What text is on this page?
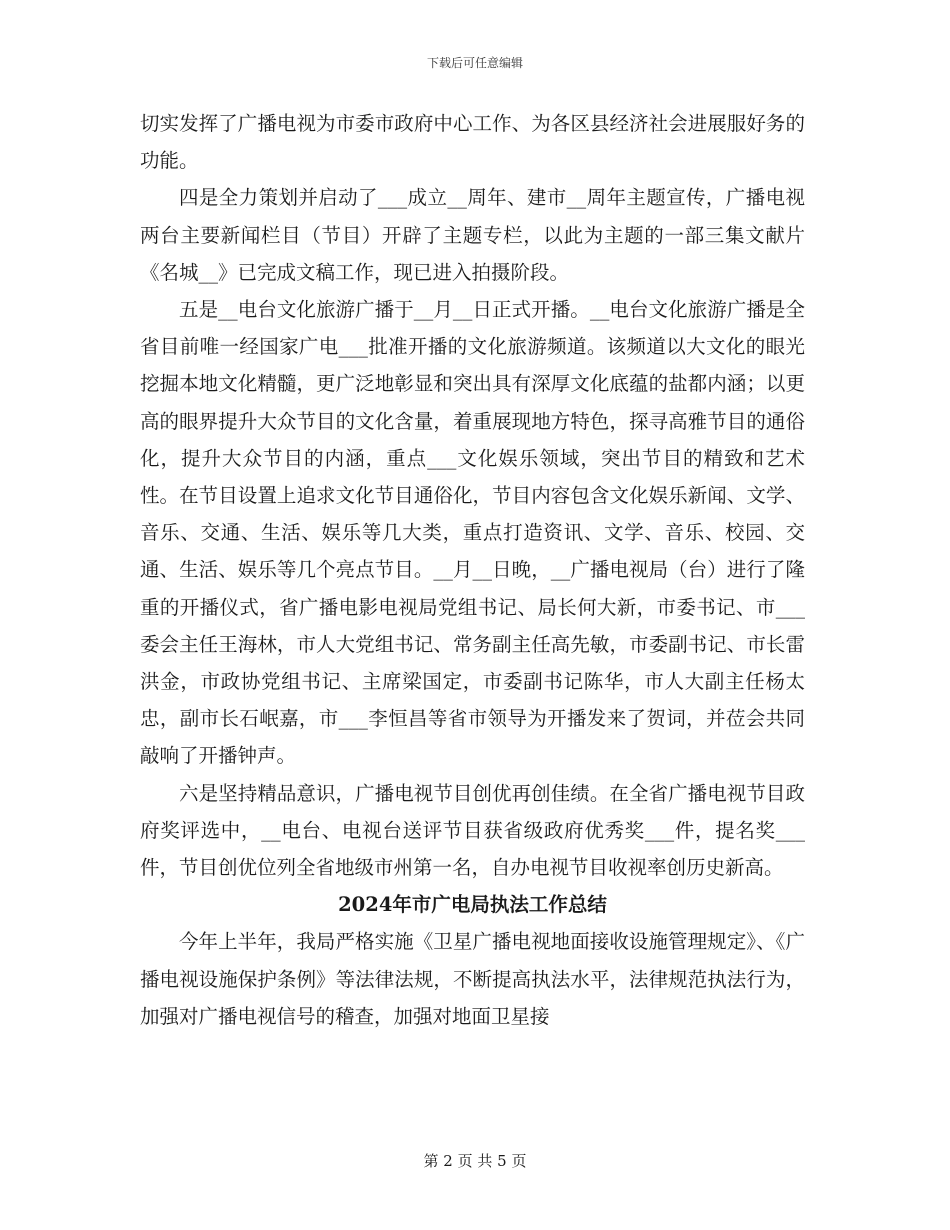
下载后可任意编辑

切实发挥了广播电视为市委市政府中心工作、为各区县经济社会进展服好务的功能。

四是全力策划并启动了___成立__周年、建市__周年主题宣传，广播电视两台主要新闻栏目（节目）开辟了主题专栏，以此为主题的一部三集文献片《名城__》已完成文稿工作，现已进入拍摄阶段。

五是__电台文化旅游广播于__月__日正式开播。__电台文化旅游广播是全省目前唯一经国家广电___批准开播的文化旅游频道。该频道以大文化的眼光挖掘本地文化精髓，更广泛地彰显和突出具有深厚文化底蕴的盐都内涵；以更高的眼界提升大众节目的文化含量，着重展现地方特色，探寻高雅节目的通俗化，提升大众节目的内涵，重点___文化娱乐领域，突出节目的精致和艺术性。在节目设置上追求文化节目通俗化，节目内容包含文化娱乐新闻、文学、音乐、交通、生活、娱乐等几大类，重点打造资讯、文学、音乐、校园、交通、生活、娱乐等几个亮点节目。__月__日晚，__广播电视局（台）进行了隆重的开播仪式，省广播电影电视局党组书记、局长何大新，市委书记、市___委会主任王海林，市人大党组书记、常务副主任高先敏，市委副书记、市长雷洪金，市政协党组书记、主席梁国定，市委副书记陈华，市人大副主任杨太忠，副市长石岷嘉，市___李恒昌等省市领导为开播发来了贺词，并莅会共同敲响了开播钟声。

六是坚持精品意识，广播电视节目创优再创佳绩。在全省广播电视节目政府奖评选中，__电台、电视台送评节目获省级政府优秀奖___件，提名奖___件，节目创优位列全省地级市州第一名，自办电视节目收视率创历史新高。

2024年市广电局执法工作总结

今年上半年，我局严格实施《卫星广播电视地面接收设施管理规定》、《广播电视设施保护条例》等法律法规，不断提高执法水平，法律规范执法行为，加强对广播电视信号的稽查，加强对地面卫星接

第 2 页 共 5 页
